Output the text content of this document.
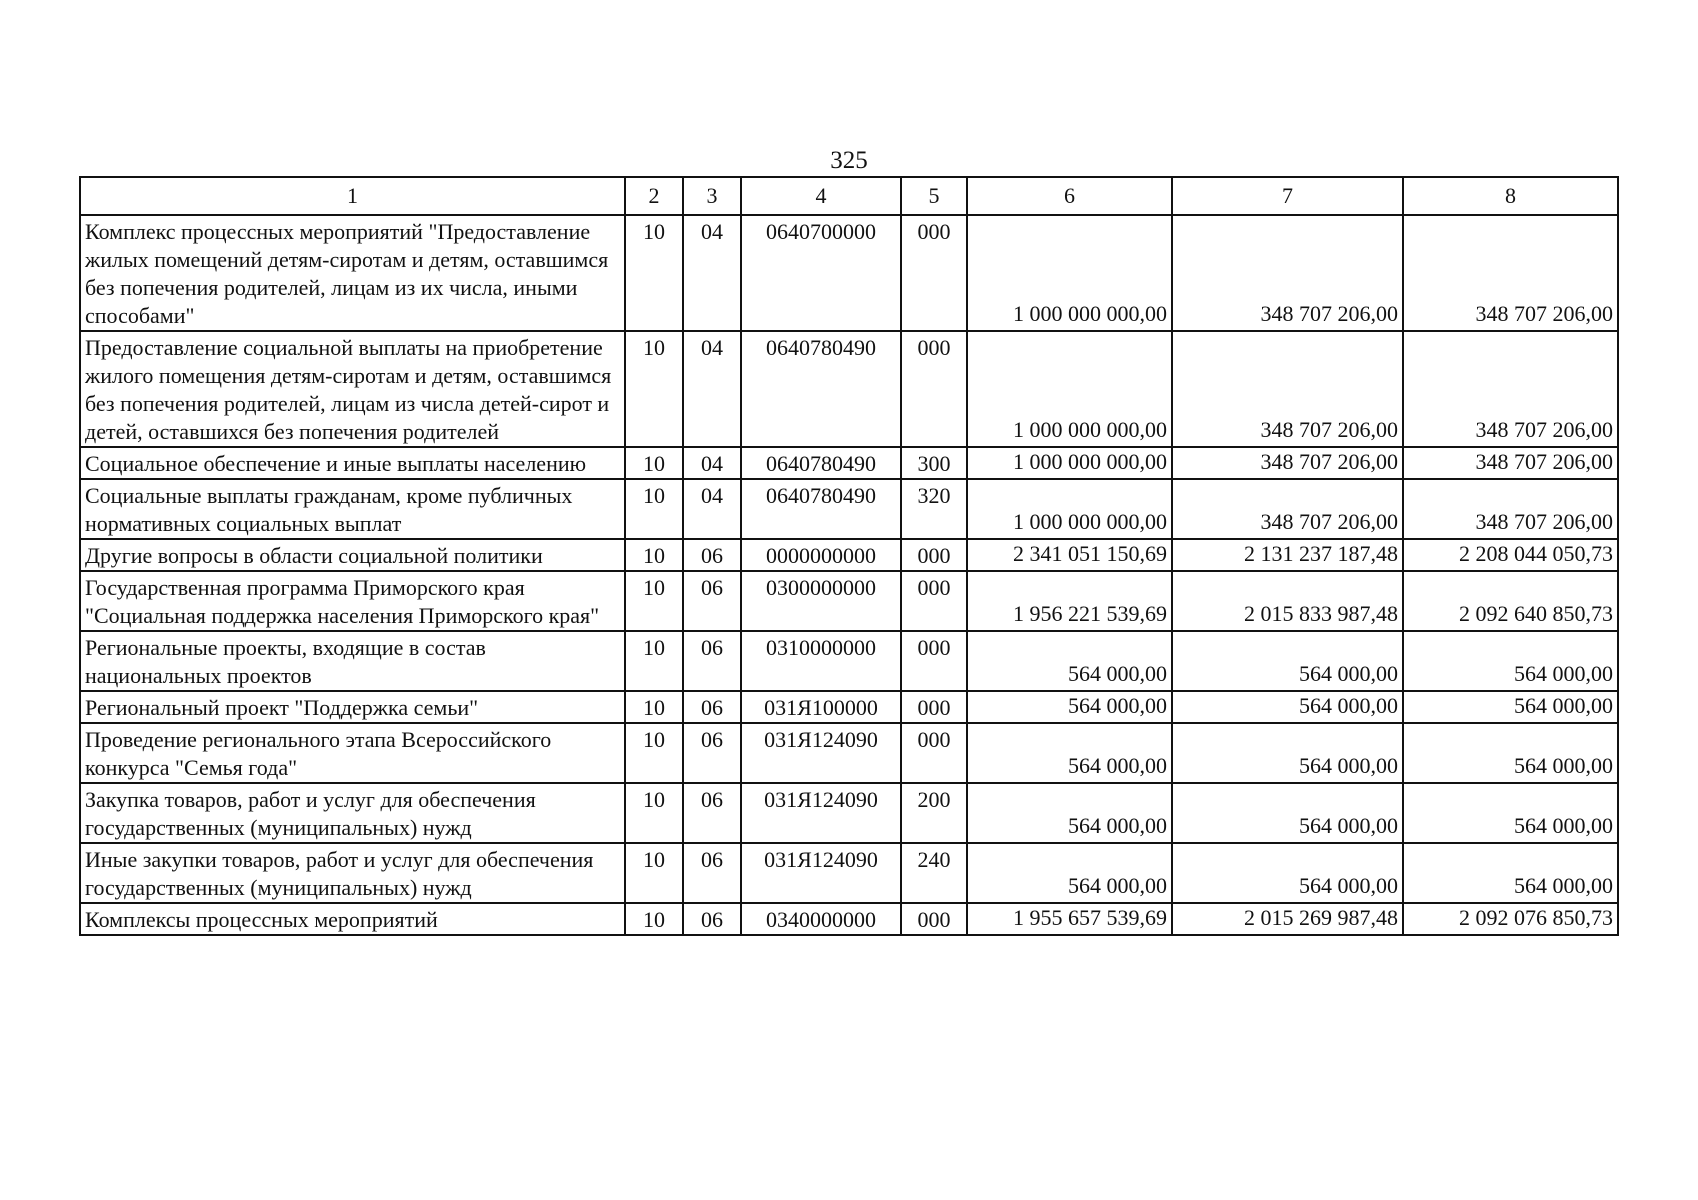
325
1	2	3	4	5	6	7	8
Комплекс процессных мероприятий "Предоставление жилых помещений детям-сиротам и детям, оставшимся без попечения родителей, лицам из их числа, иными способами"	10	04	0640700000	000	1 000 000 000,00	348 707 206,00	348 707 206,00
Предоставление социальной выплаты на приобретение жилого помещения детям-сиротам и детям, оставшимся без попечения родителей, лицам из числа детей-сирот и детей, оставшихся без попечения родителей	10	04	0640780490	000	1 000 000 000,00	348 707 206,00	348 707 206,00
Социальное обеспечение и иные выплаты населению	10	04	0640780490	300	1 000 000 000,00	348 707 206,00	348 707 206,00
Социальные выплаты гражданам, кроме публичных нормативных социальных выплат	10	04	0640780490	320	1 000 000 000,00	348 707 206,00	348 707 206,00
Другие вопросы в области социальной политики	10	06	0000000000	000	2 341 051 150,69	2 131 237 187,48	2 208 044 050,73
Государственная программа Приморского края "Социальная поддержка населения Приморского края"	10	06	0300000000	000	1 956 221 539,69	2 015 833 987,48	2 092 640 850,73
Региональные проекты, входящие в состав национальных проектов	10	06	0310000000	000	564 000,00	564 000,00	564 000,00
Региональный проект "Поддержка семьи"	10	06	031Я100000	000	564 000,00	564 000,00	564 000,00
Проведение регионального этапа Всероссийского конкурса "Семья года"	10	06	031Я124090	000	564 000,00	564 000,00	564 000,00
Закупка товаров, работ и услуг для обеспечения государственных (муниципальных) нужд	10	06	031Я124090	200	564 000,00	564 000,00	564 000,00
Иные закупки товаров, работ и услуг для обеспечения государственных (муниципальных) нужд	10	06	031Я124090	240	564 000,00	564 000,00	564 000,00
Комплексы процессных мероприятий	10	06	0340000000	000	1 955 657 539,69	2 015 269 987,48	2 092 076 850,73
